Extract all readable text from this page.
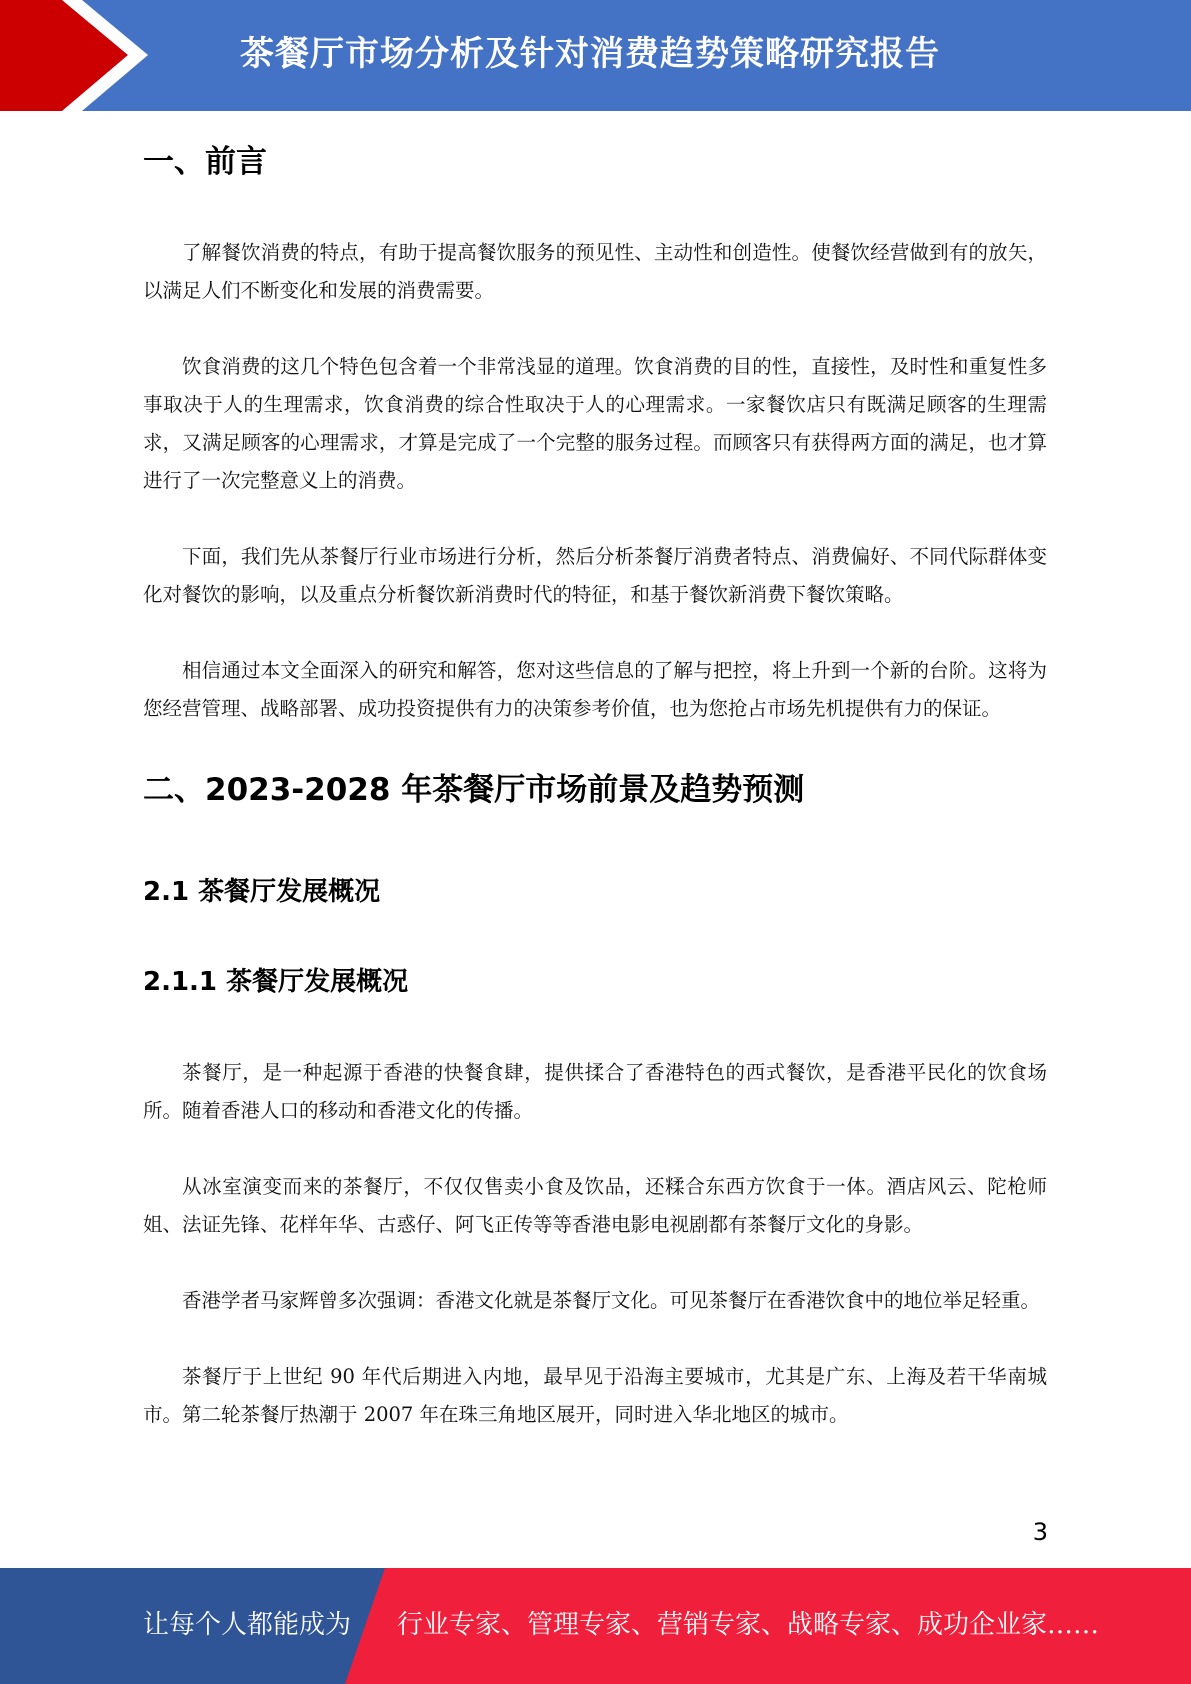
茶餐厅市场分析及针对消费趋势策略研究报告
一、前言

了解餐饮消费的特点，有助于提高餐饮服务的预见性、主动性和创造性。使餐饮经营做到有的放矢，以满足人们不断变化和发展的消费需要。

饮食消费的这几个特色包含着一个非常浅显的道理。饮食消费的目的性，直接性，及时性和重复性多事取决于人的生理需求，饮食消费的综合性取决于人的心理需求。一家餐饮店只有既满足顾客的生理需求，又满足顾客的心理需求，才算是完成了一个完整的服务过程。而顾客只有获得两方面的满足，也才算进行了一次完整意义上的消费。

下面，我们先从茶餐厅行业市场进行分析，然后分析茶餐厅消费者特点、消费偏好、不同代际群体变化对餐饮的影响，以及重点分析餐饮新消费时代的特征，和基于餐饮新消费下餐饮策略。

相信通过本文全面深入的研究和解答，您对这些信息的了解与把控，将上升到一个新的台阶。这将为您经营管理、战略部署、成功投资提供有力的决策参考价值，也为您抢占市场先机提供有力的保证。

二、2023-2028 年茶餐厅市场前景及趋势预测
2.1 茶餐厅发展概况
2.1.1 茶餐厅发展概况

茶餐厅，是一种起源于香港的快餐食肆，提供揉合了香港特色的西式餐饮，是香港平民化的饮食场所。随着香港人口的移动和香港文化的传播。

从冰室演变而来的茶餐厅，不仅仅售卖小食及饮品，还糅合东西方饮食于一体。酒店风云、陀枪师姐、法证先锋、花样年华、古惑仔、阿飞正传等等香港电影电视剧都有茶餐厅文化的身影。

香港学者马家辉曾多次强调：香港文化就是茶餐厅文化。可见茶餐厅在香港饮食中的地位举足轻重。

茶餐厅于上世纪 90 年代后期进入内地，最早见于沿海主要城市，尤其是广东、上海及若干华南城市。第二轮茶餐厅热潮于 2007 年在珠三角地区展开，同时进入华北地区的城市。

3
让每个人都能成为 行业专家、管理专家、营销专家、战略专家、成功企业家……
